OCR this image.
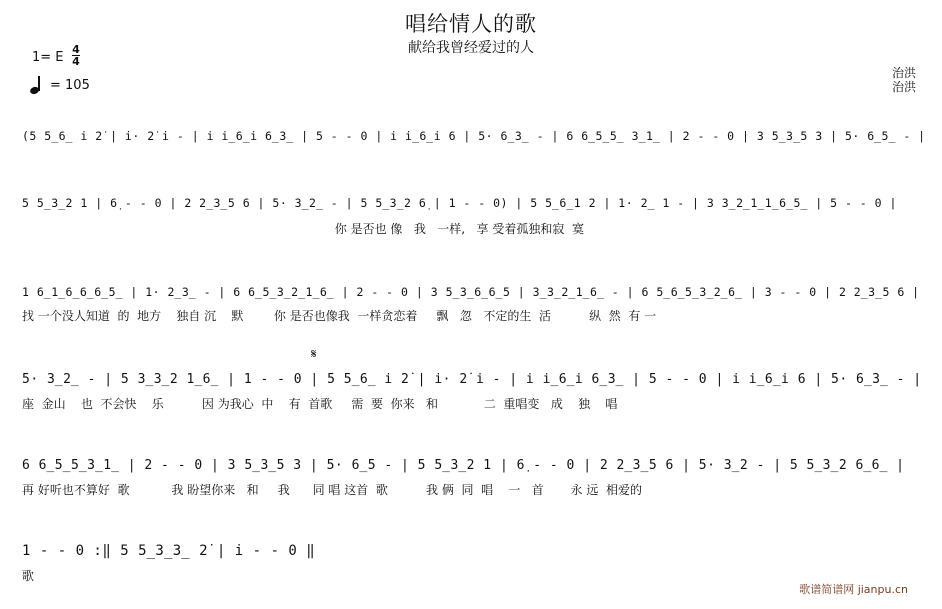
唱给情人的歌
献给我曾经爱过的人
1= E
4
4
= 105
治洪
治洪
(5 5̲6̲ i 2̇ | i· 2̇ i - | i i̲6̲i 6̲3̲ | 5 - - 0 | i i̲6̲i 6 | 5· 6̲3̲ - | 6 6̲5̲5̲ 3̲1̲ | 2 - - 0 | 3 5̲3̲5 3 | 5· 6̲5̲ - |
5 5̲3̲2 1 | 6̣ - - 0 | 2 2̲3̲5 6 | 5· 3̲2̲ - | 5 5̲3̲2 6̣ | 1 - - 0) | 5 5̲6̲1 2 | 1· 2̲ 1 - | 3 3̲2̲1̲1̲6̲5̲ | 5 - - 0 |
你 是否也 像   我   一样,   享 受着孤独和寂  寞
1 6̲1̲6̲6̲6̲5̲ | 1· 2̲3̲ - | 6 6̲5̲3̲2̲1̲6̲ | 2 - - 0 | 3 5̲3̲6̲6̲5 | 3̲3̲2̲1̲6̲ - | 6 5̲6̲5̲3̲2̲6̲ | 3 - - 0 | 2 2̲3̲5 6 |
找 一个没人知道  的  地方    独自 沉    默        你 是否也像我  一样贪恋着     飘   忽   不定的生  活          纵  然  有 一
𝄋
5· 3̲2̲ - | 5 3̲3̲2 1̲6̲ | 1 - - 0 | 5 5̲6̲ i 2̇ | i· 2̇ i - | i i̲6̲i 6̲3̲ | 5 - - 0 | i i̲6̲i 6 | 5· 6̲3̲ - |
座  金山    也  不会快    乐          因 为我心  中    有  首歌     需  要  你来   和            二  重唱变   成    独    唱
6 6̲5̲5̲3̲1̲ | 2 - - 0 | 3 5̲3̲5 3 | 5· 6̲5 - | 5 5̲3̲2 1 | 6̣ - - 0 | 2 2̲3̲5 6 | 5· 3̲2 - | 5 5̲3̲2 6̲6̲ |
再 好听也不算好  歌           我 盼望你来   和     我      同 唱 这首  歌          我 俩  同  唱    一   首       永 远  相爱的
1 - - 0 :‖ 5 5̲3̲3̲ 2̇ | i - - 0 ‖
歌
歌谱简谱网 jianpu.cn
